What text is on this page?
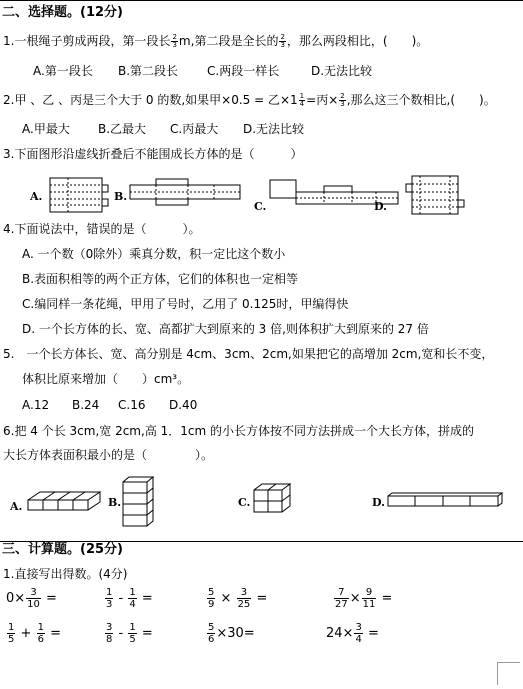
二、选择题。(12分)
1.一根绳子剪成两段，第一段长 $\frac{2}{3} m$,第二段是全长的 $\frac{2}{3}$ ，那么两段相比，(　　)。
A.第一段长 B.第二段长 C.两段一样长	D.无法比较
2.甲 、乙 、丙是三个大于 0 的数,如果甲×0.5 = 乙$\times 1 \frac{1}{4}$ =丙× $\frac{2}{3}$ ,那么这三个数相比,(　　)。
A.甲最大 B.乙最大 C.丙最大 D.无法比较
3.下面图形沿虚线折叠后不能围成长方体的是（　　　）
A.	B.
C.	D.
4.下面说法中，错误的是（　　　）。
A. 一个数（0除外）乘真分数，积一定比这个数小
B.表面积相等的两个正方体，它们的体积也一定相等
C.编同样一条花绳，甲用了号时，乙用了 0.125时，甲编得快
D. 一个长方体的长、宽、高都扩大到原来的 3 倍,则体积扩大到原来的 27 倍
5.　一个长方体长、宽、高分别是 4cm、3cm、2cm,如果把它的高增加 2cm,宽和长不变，
体积比原来增加（　　）cm³。
A.12 B.24 C.16 D.40
6.把 4 个长 3cm,宽 2cm,高 1．1cm 的小长方体按不同方法拼成一个大长方体，拼成的
大长方体表面积最小的是（　　　　）。
A.	B.	C.	D.
三、计算题。(25分)
1.直接写出得数。(4分)
$0\times \frac{3}{10}$ =	$\frac{1}{3} - \frac{1}{4}$ =	$\frac{5}{9} \times \frac{3}{25}$ =	$\frac{7}{27} \times \frac{9}{11}$ =
$\frac{1}{5} + \frac{1}{6}$ =	$\frac{3}{8} - \frac{1}{5}$ =	$\frac{5}{6} \times 30=$	$24\times \frac{3}{4}$ =
